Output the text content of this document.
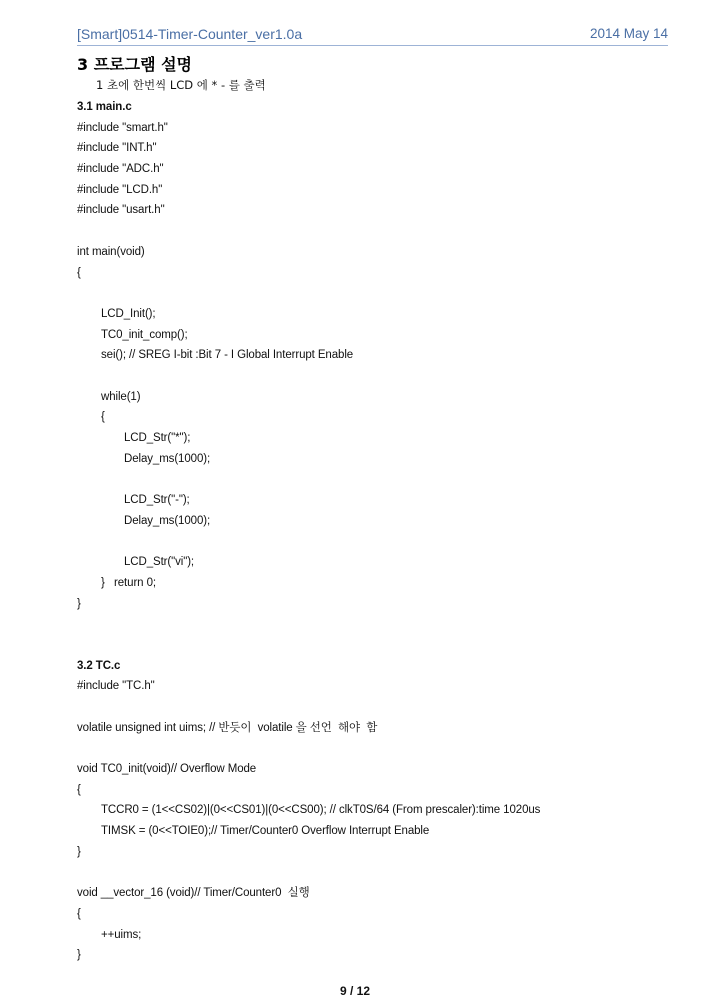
[Smart]0514-Timer-Counter_ver1.0a	2014 May 14
3 프로그램 설명
1 초에 한번씩 LCD 에 * - 를 출력
3.1 main.c
#include "smart.h"
#include "INT.h"
#include "ADC.h"
#include "LCD.h"
#include "usart.h"
int main(void)
{
LCD_Init();
TC0_init_comp();
sei(); // SREG I-bit :Bit 7 - I Global Interrupt Enable
while(1)
{
LCD_Str("*");
Delay_ms(1000);
LCD_Str("-");
Delay_ms(1000);
LCD_Str("vi");
}   return 0;
}
3.2 TC.c
#include "TC.h"
volatile unsigned int uims; // 반듯이  volatile 을 선언  해야  함
void TC0_init(void)// Overflow Mode
{
TCCR0 = (1<<CS02)|(0<<CS01)|(0<<CS00); // clkT0S/64 (From prescaler):time 1020us
TIMSK = (0<<TOIE0);// Timer/Counter0 Overflow Interrupt Enable
}
void __vector_16 (void)// Timer/Counter0  실행
{
++uims;
}
9 / 12
